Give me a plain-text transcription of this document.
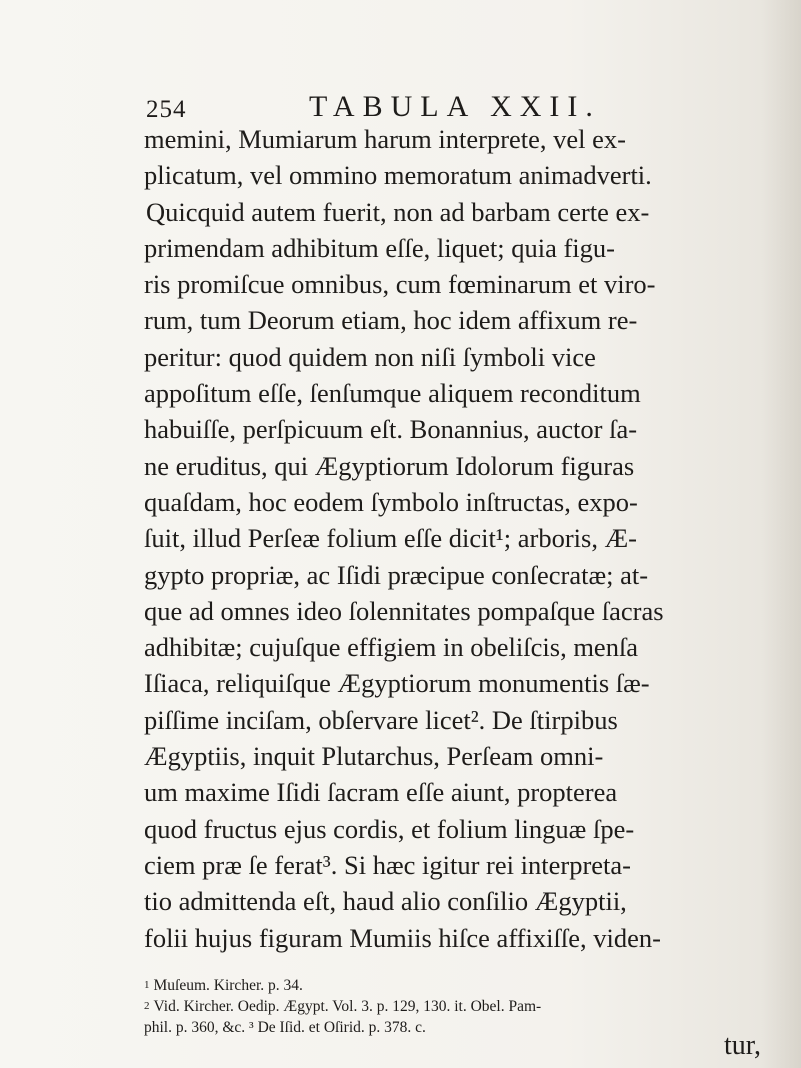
254	TABULA XXII.
memini, Mumiarum harum interprete, vel ex-
plicatum, vel ommino memoratum animadverti.
Quicquid autem fuerit, non ad barbam certe ex-
primendam adhibitum eſſe, liquet; quia figu-
ris promiſcue omnibus, cum fœminarum et viro-
rum, tum Deorum etiam, hoc idem affixum re-
peritur: quod quidem non niſi ſymboli vice
appoſitum eſſe, ſenſumque aliquem reconditum
habuiſſe, perſpicuum eſt. Bonannius, auctor ſa-
ne eruditus, qui Ægyptiorum Idolorum figuras
quaſdam, hoc eodem ſymbolo inſtructas, expo-
ſuit, illud Perſeæ folium eſſe dicit¹; arboris, Æ-
gypto propriæ, ac Iſidi præcipue conſecratæ; at-
que ad omnes ideo ſolennitates pompaſque ſacras
adhibitæ; cujuſque effigiem in obeliſcis, menſa
Iſiaca, reliquiſque Ægyptiorum monumentis ſæ-
piſſime inciſam, obſervare licet². De ſtirpibus
Ægyptiis, inquit Plutarchus, Perſeam omni-
um maxime Iſidi ſacram eſſe aiunt, propterea
quod fructus ejus cordis, et folium linguæ ſpe-
ciem præ ſe ferat³. Si hæc igitur rei interpreta-
tio admittenda eſt, haud alio conſilio Ægyptii,
folii hujus figuram Mumiis hiſce affixiſſe, viden-
$^1$ Muſeum. Kircher. p. 34.
$^2$ Vid. Kircher. Oedip. Ægypt. Vol. 3. p. 129, 130. it. Obel. Pam-
phil. p. 360, &c. ³ De Iſid. et Oſirid. p. 378. c.
tur,
